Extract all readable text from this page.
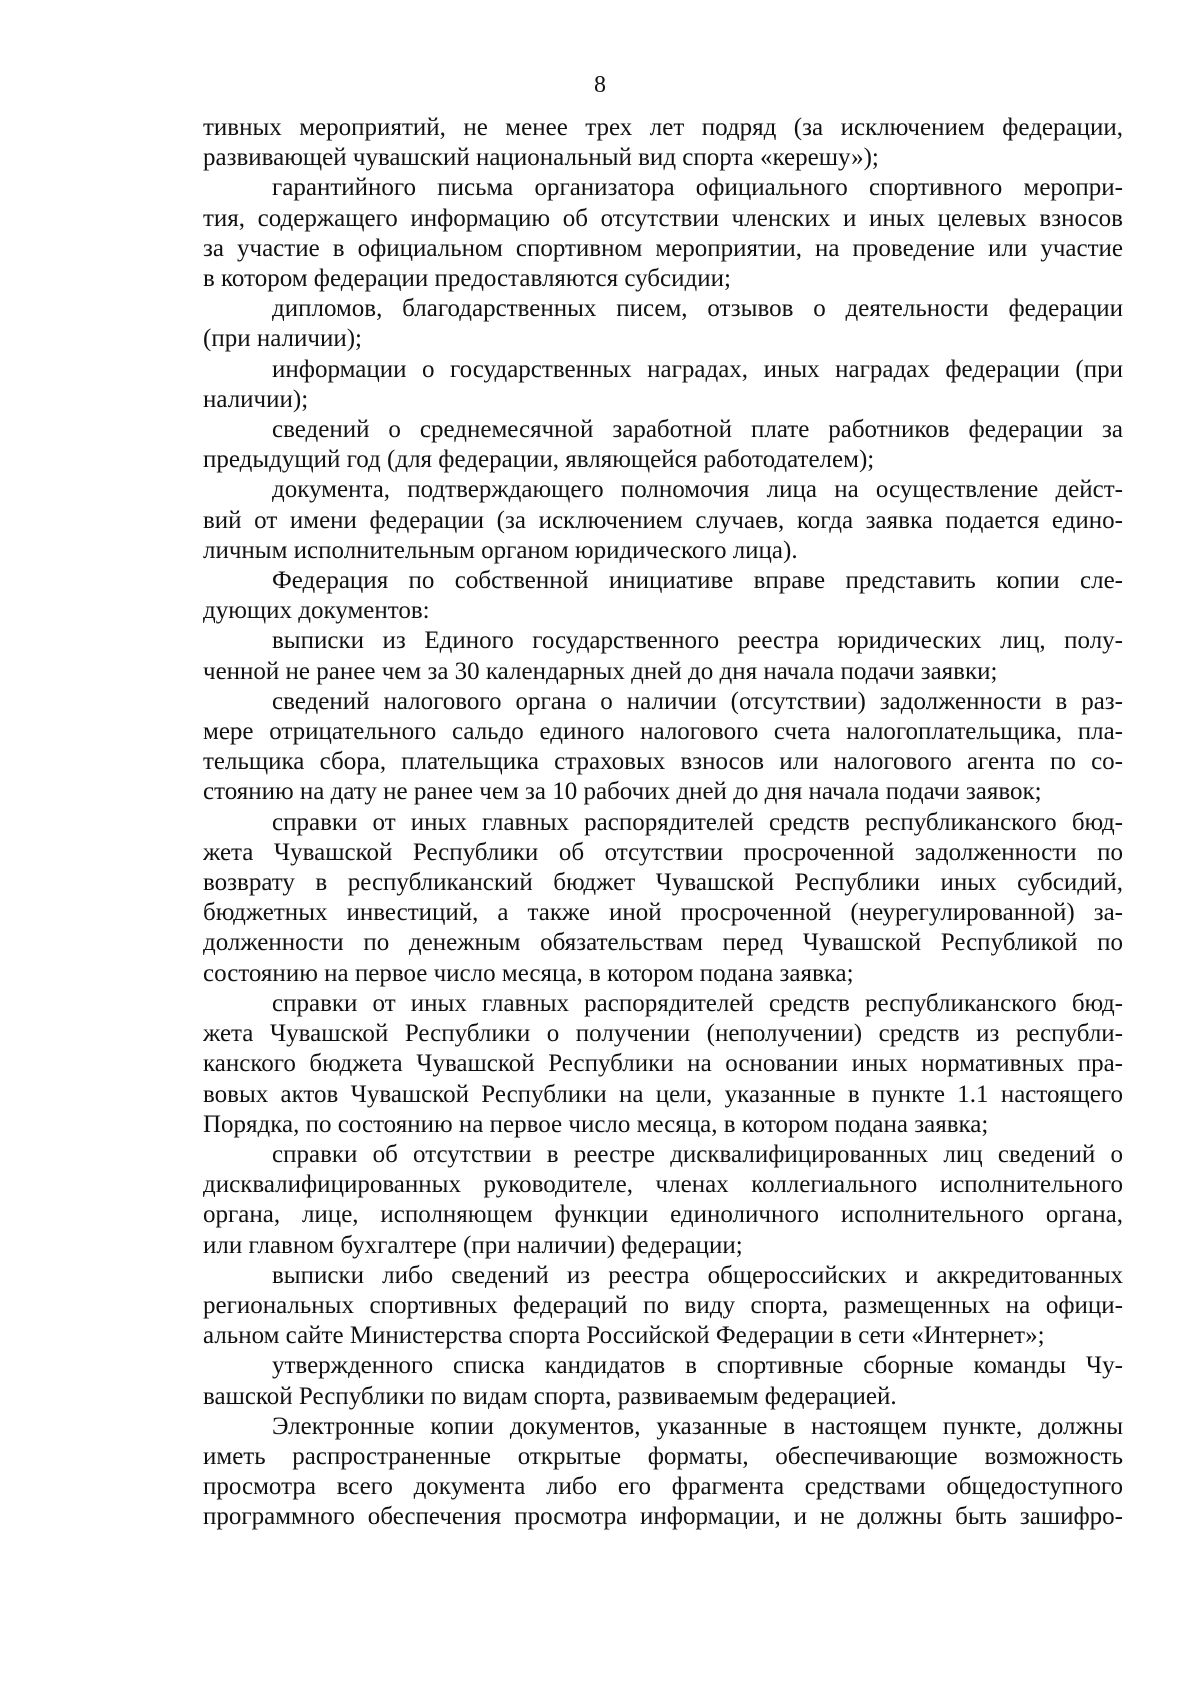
8
тивных мероприятий, не менее трех лет подряд (за исключением федерации,
развивающей чувашский национальный вид спорта «керешу»);
гарантийного письма организатора официального спортивного меропри-
тия, содержащего информацию об отсутствии членских и иных целевых взносов
за участие в официальном спортивном мероприятии, на проведение или участие
в котором федерации предоставляются субсидии;
дипломов, благодарственных писем, отзывов о деятельности федерации
(при наличии);
информации о государственных наградах, иных наградах федерации (при
наличии);
сведений о среднемесячной заработной плате работников федерации за
предыдущий год (для федерации, являющейся работодателем);
документа, подтверждающего полномочия лица на осуществление дейст-
вий от имени федерации (за исключением случаев, когда заявка подается едино-
личным исполнительным органом юридического лица).
Федерация по собственной инициативе вправе представить копии сле-
дующих документов:
выписки из Единого государственного реестра юридических лиц, полу-
ченной не ранее чем за 30 календарных дней до дня начала подачи заявки;
сведений налогового органа о наличии (отсутствии) задолженности в раз-
мере отрицательного сальдо единого налогового счета налогоплательщика, пла-
тельщика сбора, плательщика страховых взносов или налогового агента по со-
стоянию на дату не ранее чем за 10 рабочих дней до дня начала подачи заявок;
справки от иных главных распорядителей средств республиканского бюд-
жета Чувашской Республики об отсутствии просроченной задолженности по
возврату в республиканский бюджет Чувашской Республики иных субсидий,
бюджетных инвестиций, а также иной просроченной (неурегулированной) за-
долженности по денежным обязательствам перед Чувашской Республикой по
состоянию на первое число месяца, в котором подана заявка;
справки от иных главных распорядителей средств республиканского бюд-
жета Чувашской Республики о получении (неполучении) средств из республи-
канского бюджета Чувашской Республики на основании иных нормативных пра-
вовых актов Чувашской Республики на цели, указанные в пункте 1.1 настоящего
Порядка, по состоянию на первое число месяца, в котором подана заявка;
справки об отсутствии в реестре дисквалифицированных лиц сведений о
дисквалифицированных руководителе, членах коллегиального исполнительного
органа, лице, исполняющем функции единоличного исполнительного органа,
или главном бухгалтере (при наличии) федерации;
выписки либо сведений из реестра общероссийских и аккредитованных
региональных спортивных федераций по виду спорта, размещенных на офици-
альном сайте Министерства спорта Российской Федерации в сети «Интернет»;
утвержденного списка кандидатов в спортивные сборные команды Чу-
вашской Республики по видам спорта, развиваемым федерацией.
Электронные копии документов, указанные в настоящем пункте, должны
иметь распространенные открытые форматы, обеспечивающие возможность
просмотра всего документа либо его фрагмента средствами общедоступного
программного обеспечения просмотра информации, и не должны быть зашифро-
